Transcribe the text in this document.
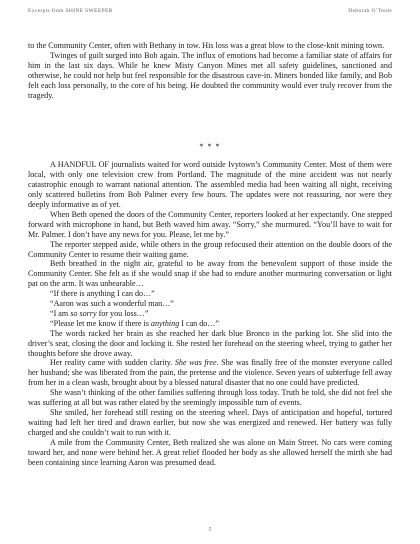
Excerpts from SHINE SWEEPER	Deborah O’Toole

to the Community Center, often with Bethany in tow. His loss was a great blow to the close-knit mining town.

Twinges of guilt surged into Bob again. The influx of emotions had become a familiar state of affairs for him in the last six days. While he knew Misty Canyon Mines met all safety guidelines, sanctioned and otherwise, he could not help but feel responsible for the disastrous cave-in. Miners bonded like family, and Bob felt each loss personally, to the core of his being. He doubted the community would ever truly recover from the tragedy.

* * *

A HANDFUL OF journalists waited for word outside Ivytown’s Community Center. Most of them were local, with only one television crew from Portland. The magnitude of the mine accident was not nearly catastrophic enough to warrant national attention. The assembled media had been waiting all night, receiving only scattered bulletins from Bob Palmer every few hours. The updates were not reassuring, nor were they deeply informative as of yet.

When Beth opened the doors of the Community Center, reporters looked at her expectantly. One stepped forward with microphone in hand, but Beth waved him away. “Sorry,” she murmured. “You’ll have to wait for Mr. Palmer. I don’t have any news for you. Please, let me by.”

The reporter stepped aside, while others in the group refocused their attention on the double doors of the Community Center to resume their waiting game.

Beth breathed in the night air, grateful to be away from the benevolent support of those inside the Community Center. She felt as if she would snap if she had to endure another murmuring conversation or light pat on the arm. It was unbearable…

“If there is anything I can do…”

“Aaron was such a wonderful man…”

“I am so sorry for you loss…”

“Please let me know if there is anything I can do…”

The words racked her brain as she reached her dark blue Bronco in the parking lot. She slid into the driver’s seat, closing the door and locking it. She rested her forehead on the steering wheel, trying to gather her thoughts before she drove away.

Her reality came with sudden clarity. She was free. She was finally free of the monster everyone called her husband; she was liberated from the pain, the pretense and the violence. Seven years of subterfuge fell away from her in a clean wash, brought about by a blessed natural disaster that no one could have predicted.

She wasn’t thinking of the other families suffering through loss today. Truth be told, she did not feel she was suffering at all but was rather elated by the seemingly impossible turn of events.

She smiled, her forehead still resting on the steering wheel. Days of anticipation and hopeful, tortured waiting had left her tired and drawn earlier, but now she was energized and renewed. Her battery was fully charged and she couldn’t wait to run with it.

A mile from the Community Center, Beth realized she was alone on Main Street. No cars were coming toward her, and none were behind her. A great relief flooded her body as she allowed herself the mirth she had been containing since learning Aaron was presumed dead.

5
